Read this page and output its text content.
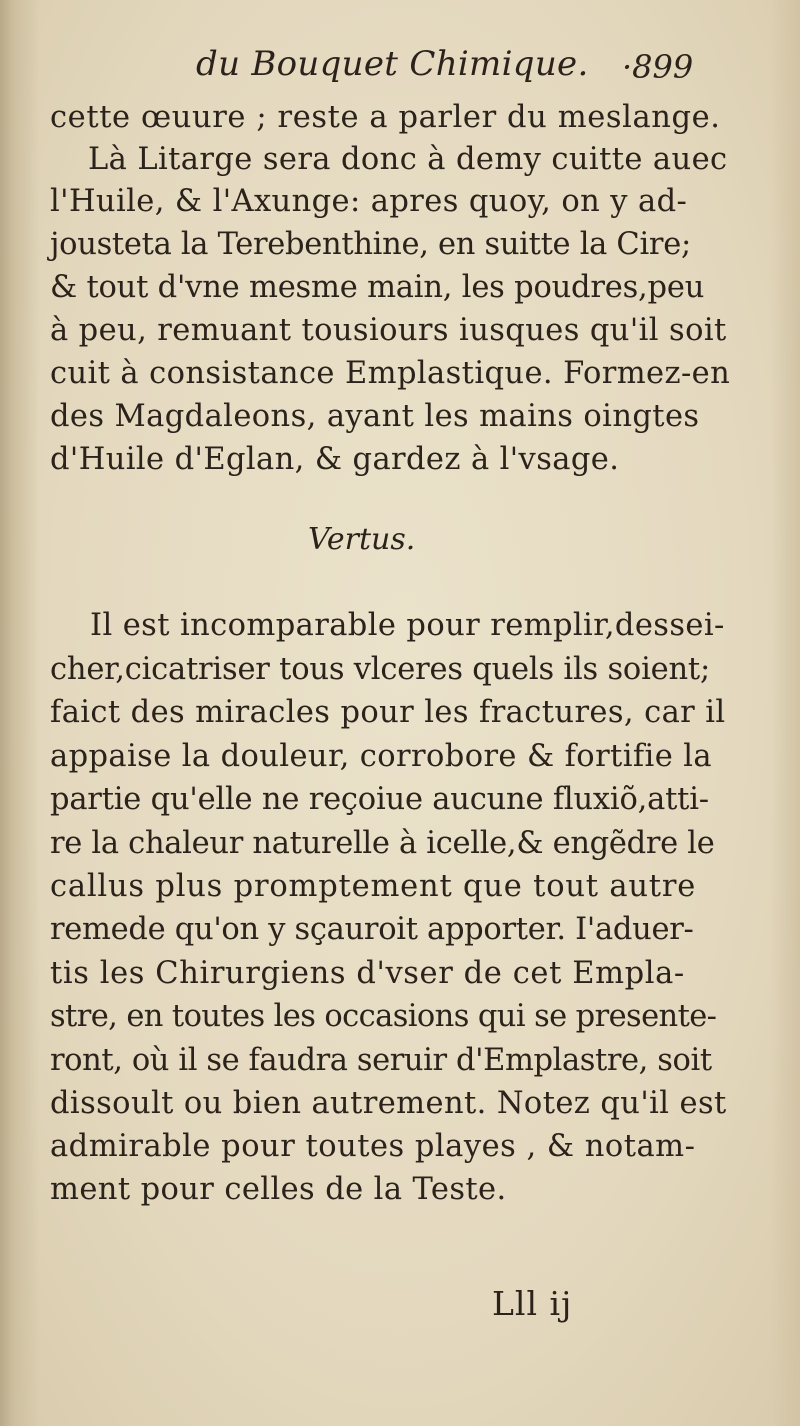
du Bouquet Chimique. ·899
cette œuure ; reste a parler du meslange.
Là Litarge sera donc à demy cuitte auec
l'Huile, & l'Axunge: apres quoy, on y ad-
jousteta la Terebenthine, en suitte la Cire;
& tout d'vne mesme main, les poudres,peu
à peu, remuant tousiours iusques qu'il soit
cuit à consistance Emplastique. Formez-en
des Magdaleons, ayant les mains oingtes
d'Huile d'Eglan, & gardez à l'vsage.
Vertus.
Il est incomparable pour remplir,dessei-
cher,cicatriser tous vlceres quels ils soient;
faict des miracles pour les fractures, car il
appaise la douleur, corrobore & fortifie la
partie qu'elle ne reçoiue aucune fluxiõ,atti-
re la chaleur naturelle à icelle,& engẽdre le
callus plus promptement que tout autre
remede qu'on y sçauroit apporter. I'aduer-
tis les Chirurgiens d'vser de cet Empla-
stre, en toutes les occasions qui se presente-
ront, où il se faudra seruir d'Emplastre, soit
dissoult ou bien autrement. Notez qu'il est
admirable pour toutes playes , & notam-
ment pour celles de la Teste.
Lll ij
